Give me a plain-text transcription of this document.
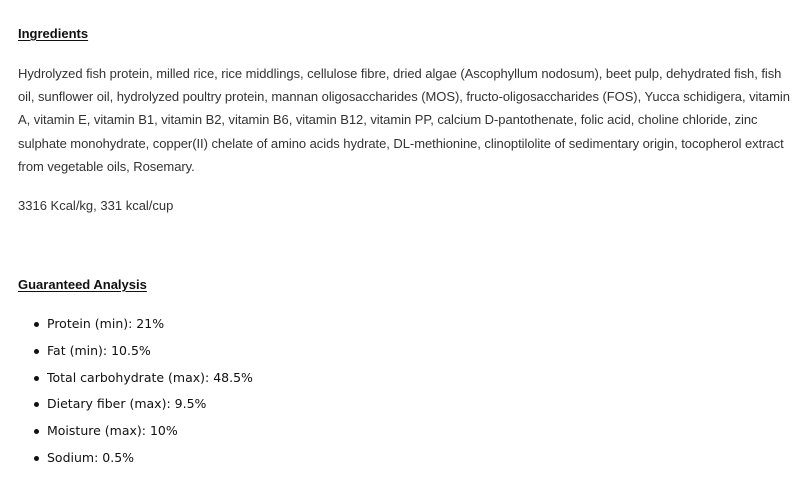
Ingredients

Hydrolyzed fish protein, milled rice, rice middlings, cellulose fibre, dried algae (Ascophyllum nodosum), beet pulp, dehydrated fish, fish oil, sunflower oil, hydrolyzed poultry protein, mannan oligosaccharides (MOS), fructo-oligosaccharides (FOS), Yucca schidigera, vitamin A, vitamin E, vitamin B1, vitamin B2, vitamin B6, vitamin B12, vitamin PP, calcium D-pantothenate, folic acid, choline chloride, zinc sulphate monohydrate, copper(II) chelate of amino acids hydrate, DL-methionine, clinoptilolite of sedimentary origin, tocopherol extract from vegetable oils, Rosemary.

3316 Kcal/kg, 331 kcal/cup

Guaranteed Analysis
Protein (min): 21%
Fat (min): 10.5%
Total carbohydrate (max): 48.5%
Dietary fiber (max): 9.5%
Moisture (max): 10%
Sodium: 0.5%
